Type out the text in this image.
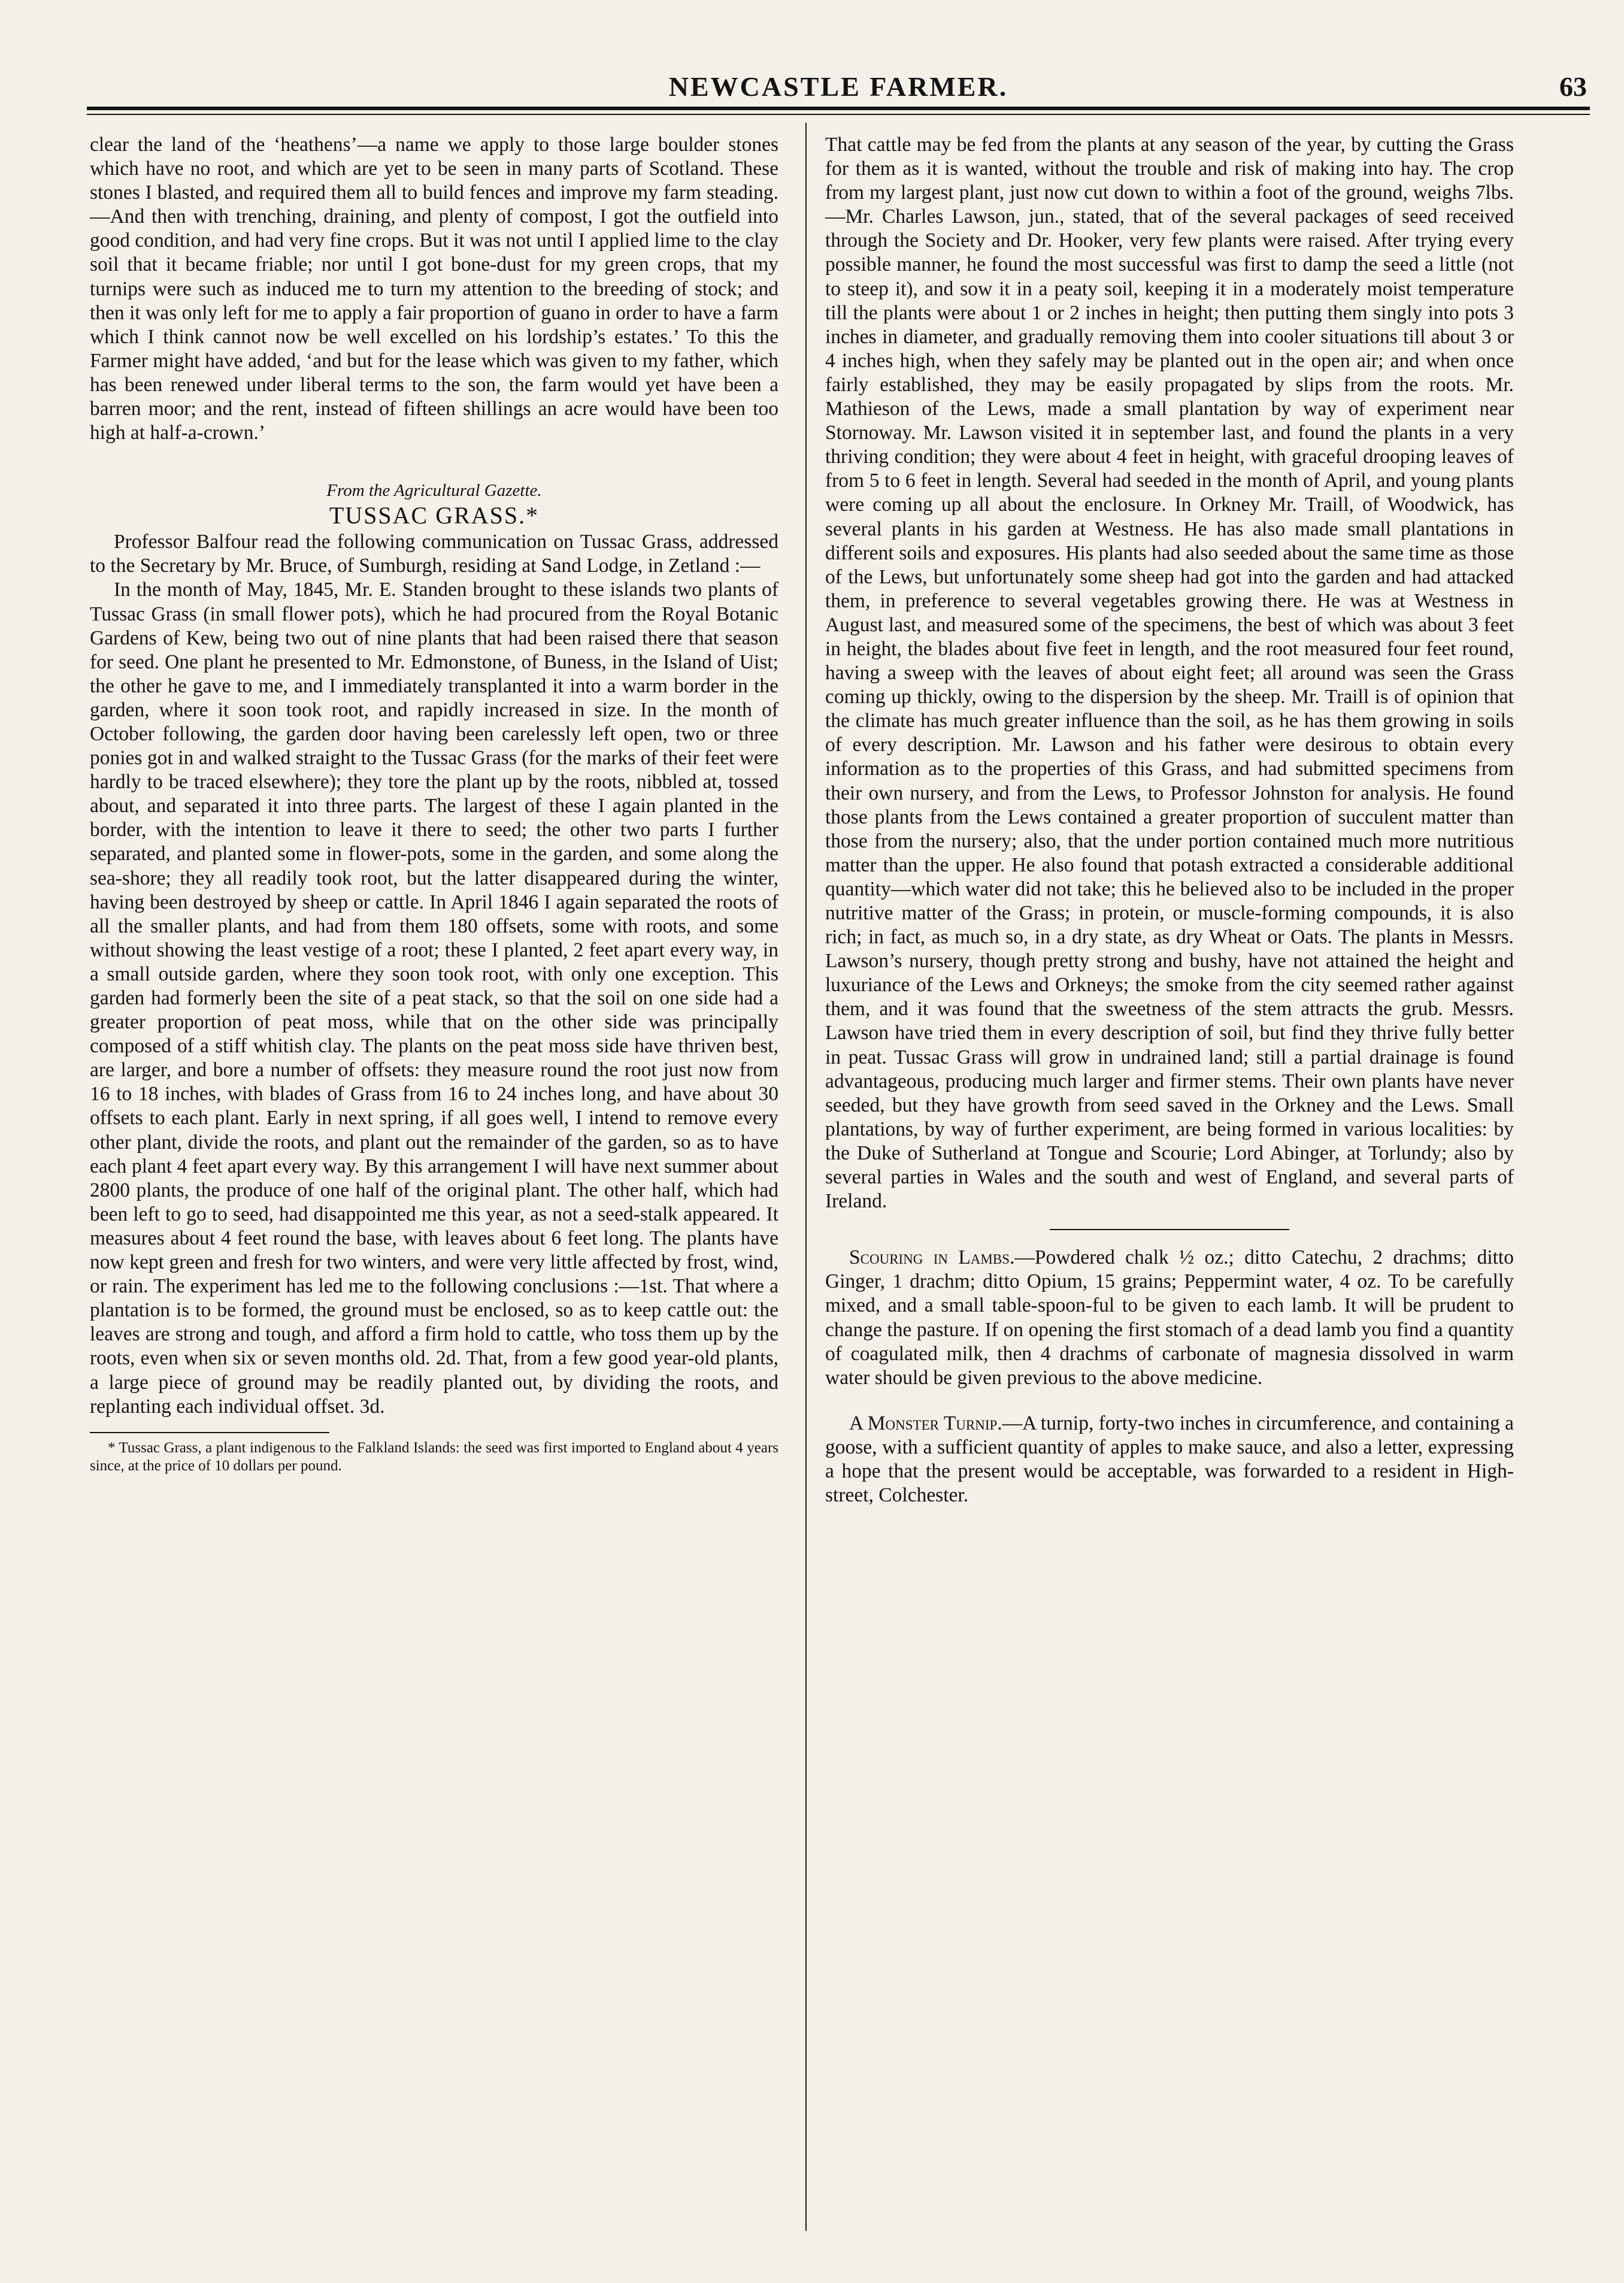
NEWCASTLE FARMER.	63

clear the land of the ‘heathens’—a name we apply to those large boulder stones which have no root, and which are yet to be seen in many parts of Scotland. These stones I blasted, and required them all to build fences and improve my farm steading.—And then with trenching, draining, and plenty of compost, I got the outfield into good condition, and had very fine crops. But it was not until I applied lime to the clay soil that it became friable; nor until I got bone-dust for my green crops, that my turnips were such as induced me to turn my attention to the breeding of stock; and then it was only left for me to apply a fair proportion of guano in order to have a farm which I think cannot now be well excelled on his lordship’s estates.’ To this the Farmer might have added, ‘and but for the lease which was given to my father, which has been renewed under liberal terms to the son, the farm would yet have been a barren moor; and the rent, instead of fifteen shillings an acre would have been too high at half-a-crown.’

From the Agricultural Gazette.
TUSSAC GRASS.*

Professor Balfour read the following communication on Tussac Grass, addressed to the Secretary by Mr. Bruce, of Sumburgh, residing at Sand Lodge, in Zetland :—

In the month of May, 1845, Mr. E. Standen brought to these islands two plants of Tussac Grass (in small flower pots), which he had procured from the Royal Botanic Gardens of Kew, being two out of nine plants that had been raised there that season for seed. One plant he presented to Mr. Edmonstone, of Buness, in the Island of Uist; the other he gave to me, and I immediately transplanted it into a warm border in the garden, where it soon took root, and rapidly increased in size. In the month of October following, the garden door having been carelessly left open, two or three ponies got in and walked straight to the Tussac Grass (for the marks of their feet were hardly to be traced elsewhere); they tore the plant up by the roots, nibbled at, tossed about, and separated it into three parts. The largest of these I again planted in the border, with the intention to leave it there to seed; the other two parts I further separated, and planted some in flower-pots, some in the garden, and some along the sea-shore; they all readily took root, but the latter disappeared during the winter, having been destroyed by sheep or cattle. In April 1846 I again separated the roots of all the smaller plants, and had from them 180 offsets, some with roots, and some without showing the least vestige of a root; these I planted, 2 feet apart every way, in a small outside garden, where they soon took root, with only one exception. This garden had formerly been the site of a peat stack, so that the soil on one side had a greater proportion of peat moss, while that on the other side was principally composed of a stiff whitish clay. The plants on the peat moss side have thriven best, are larger, and bore a number of offsets: they measure round the root just now from 16 to 18 inches, with blades of Grass from 16 to 24 inches long, and have about 30 offsets to each plant. Early in next spring, if all goes well, I intend to remove every other plant, divide the roots, and plant out the remainder of the garden, so as to have each plant 4 feet apart every way. By this arrangement I will have next summer about 2800 plants, the produce of one half of the original plant. The other half, which had been left to go to seed, had disappointed me this year, as not a seed-stalk appeared. It measures about 4 feet round the base, with leaves about 6 feet long. The plants have now kept green and fresh for two winters, and were very little affected by frost, wind, or rain. The experiment has led me to the following conclusions :—1st. That where a plantation is to be formed, the ground must be enclosed, so as to keep cattle out: the leaves are strong and tough, and afford a firm hold to cattle, who toss them up by the roots, even when six or seven months old. 2d. That, from a few good year-old plants, a large piece of ground may be readily planted out, by dividing the roots, and replanting each individual offset. 3d.

* Tussac Grass, a plant indigenous to the Falkland Islands: the seed was first imported to England about 4 years since, at the price of 10 dollars per pound.

That cattle may be fed from the plants at any season of the year, by cutting the Grass for them as it is wanted, without the trouble and risk of making into hay. The crop from my largest plant, just now cut down to within a foot of the ground, weighs 7lbs.—Mr. Charles Lawson, jun., stated, that of the several packages of seed received through the Society and Dr. Hooker, very few plants were raised. After trying every possible manner, he found the most successful was first to damp the seed a little (not to steep it), and sow it in a peaty soil, keeping it in a moderately moist temperature till the plants were about 1 or 2 inches in height; then putting them singly into pots 3 inches in diameter, and gradually removing them into cooler situations till about 3 or 4 inches high, when they safely may be planted out in the open air; and when once fairly established, they may be easily propagated by slips from the roots. Mr. Mathieson of the Lews, made a small plantation by way of experiment near Stornoway. Mr. Lawson visited it in september last, and found the plants in a very thriving condition; they were about 4 feet in height, with graceful drooping leaves of from 5 to 6 feet in length. Several had seeded in the month of April, and young plants were coming up all about the enclosure. In Orkney Mr. Traill, of Woodwick, has several plants in his garden at Westness. He has also made small plantations in different soils and exposures. His plants had also seeded about the same time as those of the Lews, but unfortunately some sheep had got into the garden and had attacked them, in preference to several vegetables growing there. He was at Westness in August last, and measured some of the specimens, the best of which was about 3 feet in height, the blades about five feet in length, and the root measured four feet round, having a sweep with the leaves of about eight feet; all around was seen the Grass coming up thickly, owing to the dispersion by the sheep. Mr. Traill is of opinion that the climate has much greater influence than the soil, as he has them growing in soils of every description. Mr. Lawson and his father were desirous to obtain every information as to the properties of this Grass, and had submitted specimens from their own nursery, and from the Lews, to Professor Johnston for analysis. He found those plants from the Lews contained a greater proportion of succulent matter than those from the nursery; also, that the under portion contained much more nutritious matter than the upper. He also found that potash extracted a considerable additional quantity—which water did not take; this he believed also to be included in the proper nutritive matter of the Grass; in protein, or muscle-forming compounds, it is also rich; in fact, as much so, in a dry state, as dry Wheat or Oats. The plants in Messrs. Lawson’s nursery, though pretty strong and bushy, have not attained the height and luxuriance of the Lews and Orkneys; the smoke from the city seemed rather against them, and it was found that the sweetness of the stem attracts the grub. Messrs. Lawson have tried them in every description of soil, but find they thrive fully better in peat. Tussac Grass will grow in undrained land; still a partial drainage is found advantageous, producing much larger and firmer stems. Their own plants have never seeded, but they have growth from seed saved in the Orkney and the Lews. Small plantations, by way of further experiment, are being formed in various localities: by the Duke of Sutherland at Tongue and Scourie; Lord Abinger, at Torlundy; also by several parties in Wales and the south and west of England, and several parts of Ireland.

Scouring in Lambs.—Powdered chalk ½ oz.; ditto Catechu, 2 drachms; ditto Ginger, 1 drachm; ditto Opium, 15 grains; Peppermint water, 4 oz. To be carefully mixed, and a small table-spoon-ful to be given to each lamb. It will be prudent to change the pasture. If on opening the first stomach of a dead lamb you find a quantity of coagulated milk, then 4 drachms of carbonate of magnesia dissolved in warm water should be given previous to the above medicine.

A Monster Turnip.—A turnip, forty-two inches in circumference, and containing a goose, with a sufficient quantity of apples to make sauce, and also a letter, expressing a hope that the present would be acceptable, was forwarded to a resident in High-street, Colchester.
